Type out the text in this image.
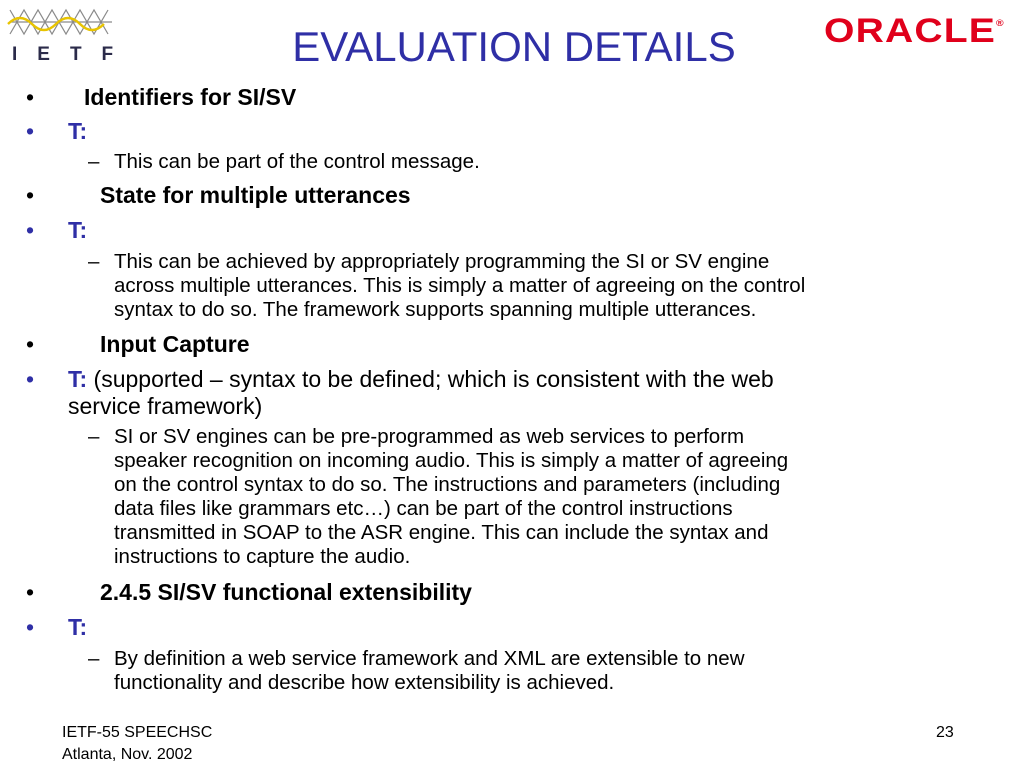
IETF
ORACLE®
EVALUATION DETAILS
• Identifiers for SI/SV
• T:
– This can be part of the control message.
•	State for multiple utterances
• T:
– This can be achieved by appropriately programming the SI or SV engine
across multiple utterances. This is simply a matter of agreeing on the control
syntax to do so. The framework supports spanning multiple utterances.
•	Input Capture
• T: (supported – syntax to be defined; which is consistent with the web
service framework)
– SI or SV engines can be pre-programmed as web services to perform
speaker recognition on incoming audio. This is simply a matter of agreeing
on the control syntax to do so. The instructions and parameters (including
data files like grammars etc…) can be part of the control instructions
transmitted in SOAP to the ASR engine. This can include the syntax and
instructions to capture the audio.
•	2.4.5 SI/SV functional extensibility
• T:
– By definition a web service framework and XML are extensible to new
functionality and describe how extensibility is achieved.
IETF-55 SPEECHSC
Atlanta, Nov. 2002
23
